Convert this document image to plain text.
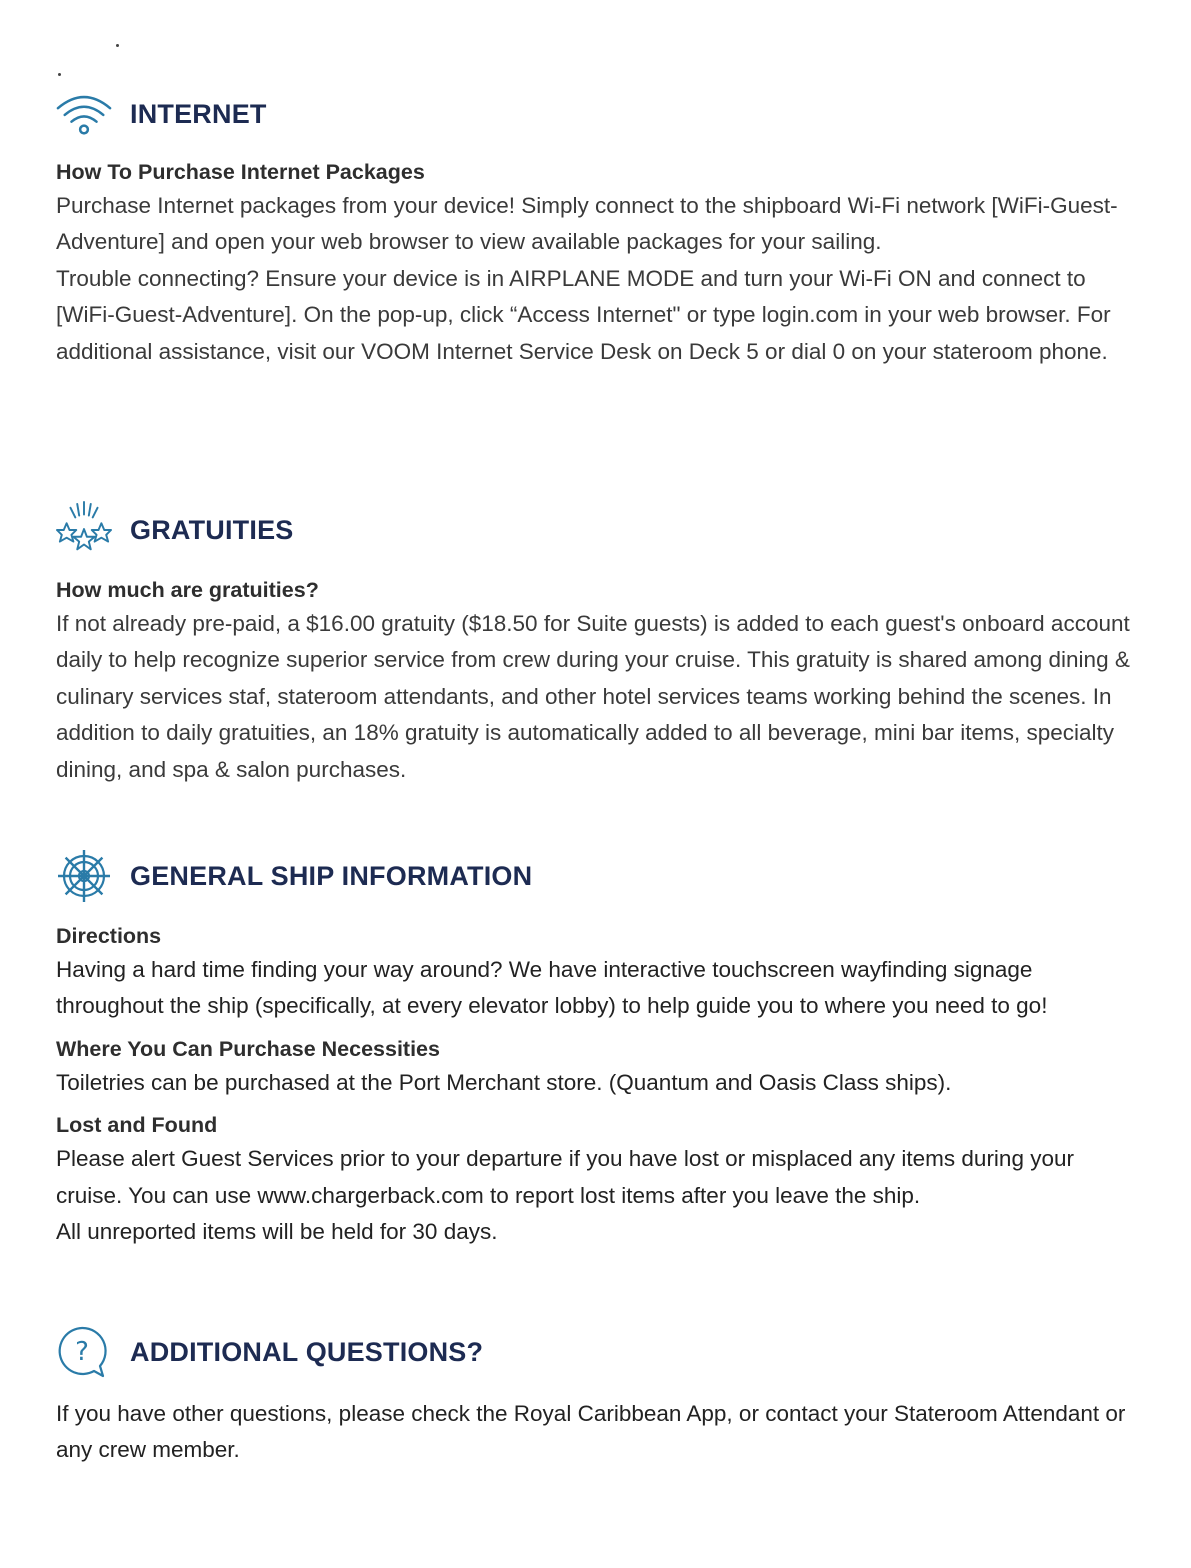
INTERNET

How To Purchase Internet Packages

Purchase Internet packages from your device! Simply connect to the shipboard Wi-Fi network [WiFi-Guest-Adventure] and open your web browser to view available packages for your sailing.

Trouble connecting? Ensure your device is in AIRPLANE MODE and turn your Wi-Fi ON and connect to [WiFi-Guest-Adventure]. On the pop-up, click “Access Internet" or type login.com in your web browser. For additional assistance, visit our VOOM Internet Service Desk on Deck 5 or dial 0 on your stateroom phone.

GRATUITIES

How much are gratuities?

If not already pre-paid, a $16.00 gratuity ($18.50 for Suite guests) is added to each guest's onboard account daily to help recognize superior service from crew during your cruise. This gratuity is shared among dining & culinary services staf, stateroom attendants, and other hotel services teams working behind the scenes. In addition to daily gratuities, an 18% gratuity is automatically added to all beverage, mini bar items, specialty dining, and spa & salon purchases.

GENERAL SHIP INFORMATION

Directions

Having a hard time finding your way around? We have interactive touchscreen wayfinding signage throughout the ship (specifically, at every elevator lobby) to help guide you to where you need to go!

Where You Can Purchase Necessities

Toiletries can be purchased at the Port Merchant store. (Quantum and Oasis Class ships).

Lost and Found

Please alert Guest Services prior to your departure if you have lost or misplaced any items during your cruise. You can use www.chargerback.com to report lost items after you leave the ship.

All unreported items will be held for 30 days.

? ADDITIONAL QUESTIONS?

If you have other questions, please check the Royal Caribbean App, or contact your Stateroom Attendant or any crew member.
